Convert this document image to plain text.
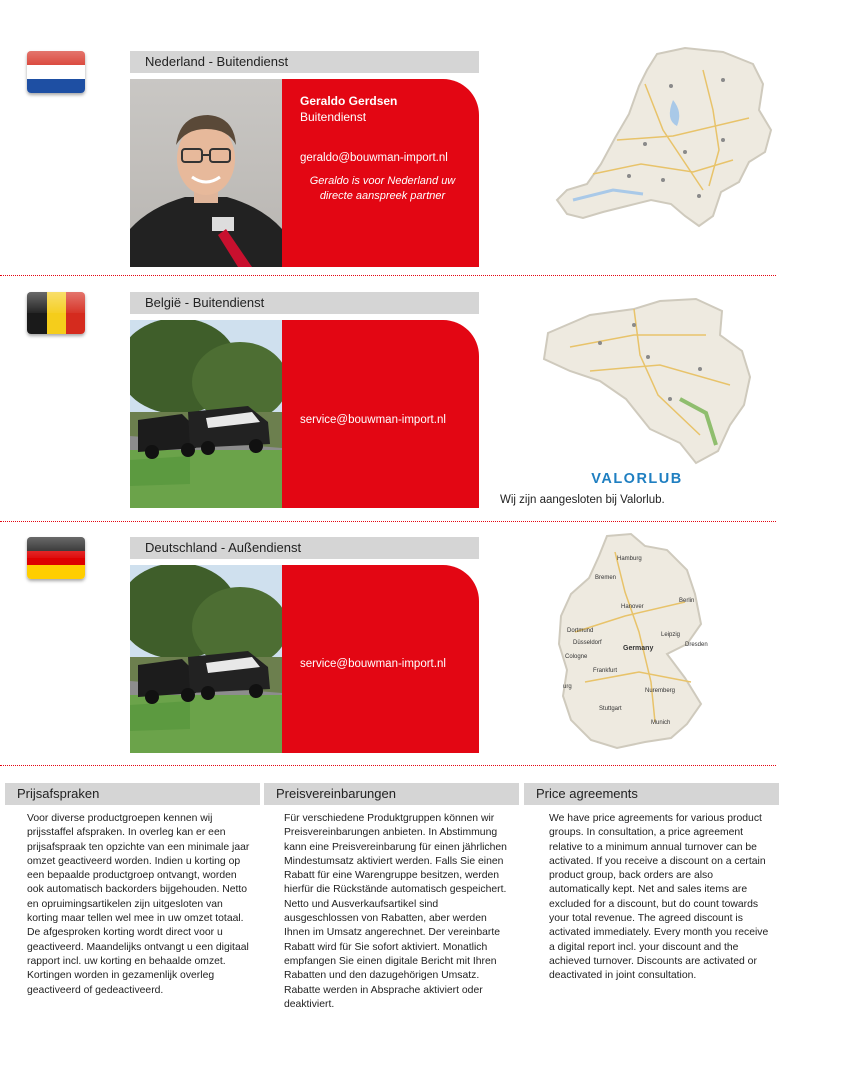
Nederland - Buitendienst
Geraldo Gerdsen
Buitendienst
geraldo@bouwman-import.nl
Geraldo is voor Nederland uw directe aanspreek partner
België - Buitendienst
service@bouwman-import.nl
VALORLUB
Wij zijn aangesloten bij Valorlub.
Deutschland - Außendienst
service@bouwman-import.nl
Hamburg
Bremen
Berlin
Hanover
Dortmund
Düsseldorf
Leipzig
Dresden
Germany
Cologne
Frankfurt
Nuremberg
Stuttgart
Munich
urg
Prijsafspraken
Voor diverse productgroepen kennen wij prijsstaffel afspraken. In overleg kan er een prijsafspraak ten opzichte van een minimale jaar omzet geactiveerd worden. Indien u korting op een bepaalde productgroep ontvangt, worden ook automatisch backorders bijgehouden. Netto en opruimingsartikelen zijn uitgesloten van korting maar tellen wel mee in uw omzet totaal. De afgesproken korting wordt direct voor u geactiveerd. Maandelijks ontvangt u een digitaal rapport incl. uw korting en behaalde omzet. Kortingen worden in gezamenlijk overleg geactiveerd of gedeactiveerd.
Preisvereinbarungen
Für verschiedene Produktgruppen können wir Preisvereinbarungen anbieten. In Abstimmung kann eine Preisvereinbarung für einen jährlichen Mindestumsatz aktiviert werden. Falls Sie einen Rabatt für eine Warengruppe besitzen, werden hierfür die Rückstände automatisch gespeichert. Netto und Ausverkaufsartikel sind ausgeschlossen von Rabatten, aber werden Ihnen im Umsatz angerechnet. Der vereinbarte Rabatt wird für Sie sofort aktiviert. Monatlich empfangen Sie einen digitale Bericht mit Ihren Rabatten und den dazugehörigen Umsatz. Rabatte werden in Absprache aktiviert oder deaktiviert.
Price agreements
We have price agreements for various product groups. In consultation, a price agreement relative to a minimum annual turnover can be activated. If you receive a discount on a certain product group, back orders are also automatically kept. Net and sales items are excluded for a discount, but do count towards your total revenue. The agreed discount is activated immediately. Every month you receive a digital report incl. your discount and the achieved turnover. Discounts are activated or deactivated in joint consultation.
